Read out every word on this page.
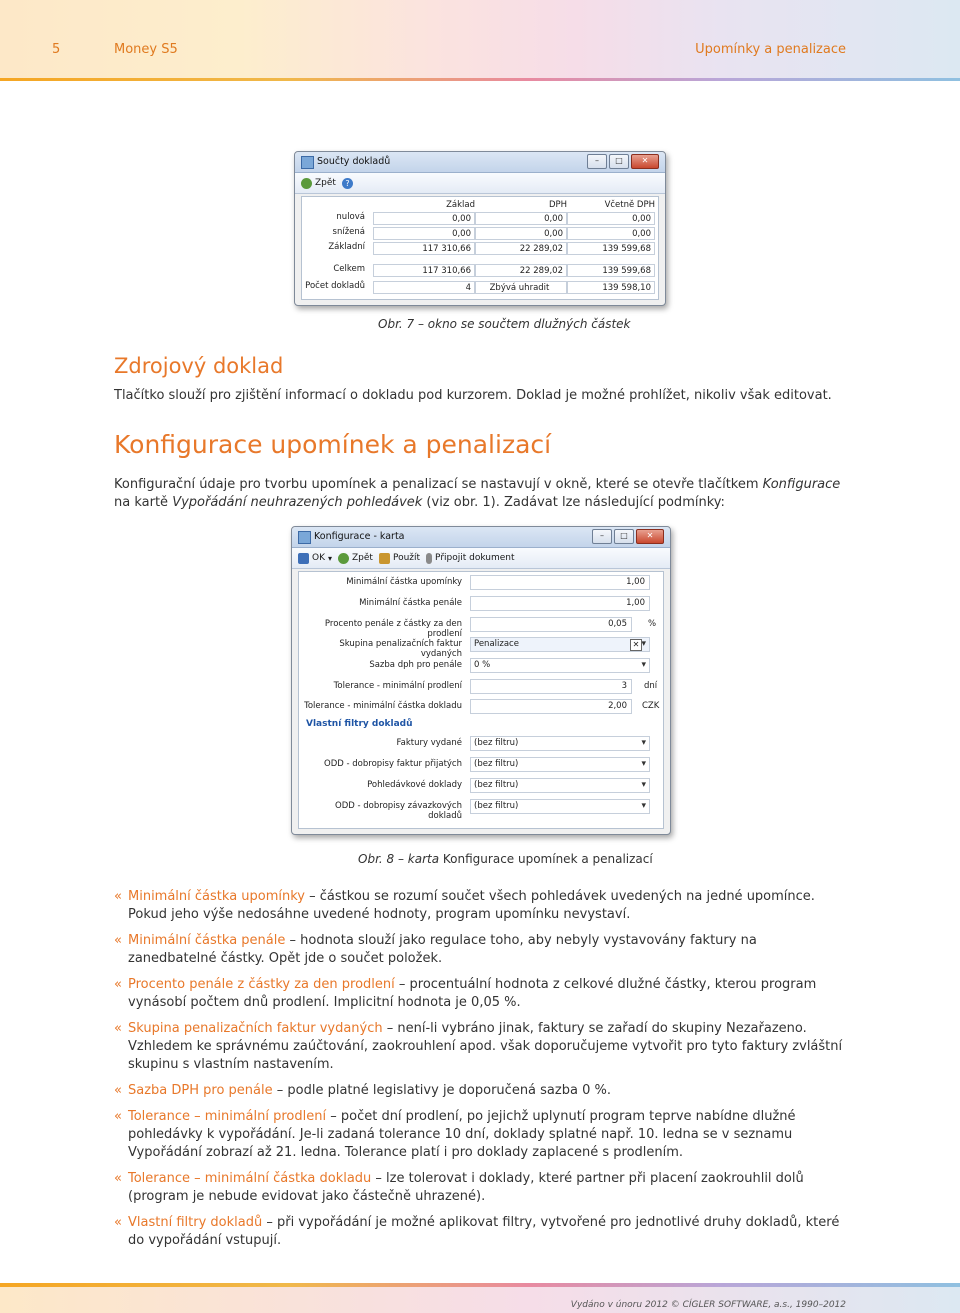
5	Money S5	Upomínky a penalizace
Součty dokladů	–	□	✕
Zpět	?
Základ	DPH	Včetně DPH
nulová	0,00	0,00	0,00
snížená	0,00	0,00	0,00
Základní	117 310,66	22 289,02	139 599,68
Celkem	117 310,66	22 289,02	139 599,68
Počet dokladů	4	Zbývá uhradit	139 598,10
Obr. 7 – okno se součtem dlužných částek
Zdrojový doklad
Tlačítko slouží pro zjištění informací o dokladu pod kurzorem. Doklad je možné prohlížet, nikoliv však editovat.
Konfigurace upomínek a penalizací
Konfigurační údaje pro tvorbu upomínek a penalizací se nastavují v okně, které se otevře tlačítkem Konfigurace na kartě Vypořádání neuhrazených pohledávek (viz obr. 1). Zadávat lze následující podmínky:
Konfigurace - karta	–	□	✕
OK ▾ Zpět Použít Připojit dokument
Minimální částka upomínky	1,00
Minimální částka penále	1,00
Procento penále z částky za den prodlení
0,05	%
Skupina penalizačních faktur vydaných
Penalizace ▾	✕
Sazba dph pro penále	0 % ▾
Tolerance - minimální prodlení	3	dní
Tolerance - minimální částka dokladu	2,00	CZK
Vlastní filtry dokladů
Faktury vydané	(bez filtru) ▾
ODD - dobropisy faktur přijatých	(bez filtru) ▾
Pohledávkové doklady	(bez filtru) ▾
ODD - dobropisy závazkových dokladů
(bez filtru) ▾
Obr. 8 – karta Konfigurace upomínek a penalizací
« Minimální částka upomínky – částkou se rozumí součet všech pohledávek uvedených na jedné upomínce. Pokud jeho výše nedosáhne uvedené hodnoty, program upomínku nevystaví.
« Minimální částka penále – hodnota slouží jako regulace toho, aby nebyly vystavovány faktury na zanedbatelné částky. Opět jde o součet položek.
« Procento penále z částky za den prodlení – procentuální hodnota z celkové dlužné částky, kterou program vynásobí počtem dnů prodlení. Implicitní hodnota je 0,05 %.
« Skupina penalizačních faktur vydaných – není-li vybráno jinak, faktury se zařadí do skupiny Nezařazeno. Vzhledem ke správnému zaúčtování, zaokrouhlení apod. však doporučujeme vytvořit pro tyto faktury zvláštní skupinu s vlastním nastavením.
« Sazba DPH pro penále – podle platné legislativy je doporučená sazba 0 %.
« Tolerance – minimální prodlení – počet dní prodlení, po jejichž uplynutí program teprve nabídne dlužné pohledávky k vypořádání. Je-li zadaná tolerance 10 dní, doklady splatné např. 10. ledna se v seznamu Vypořádání zobrazí až 21. ledna. Tolerance platí i pro doklady zaplacené s prodlením.
« Tolerance – minimální částka dokladu – lze tolerovat i doklady, které partner při placení zaokrouhlil dolů (program je nebude evidovat jako částečně uhrazené).
« Vlastní filtry dokladů – při vypořádání je možné aplikovat filtry, vytvořené pro jednotlivé druhy dokladů, které do vypořádání vstupují.
Vydáno v únoru 2012 © CÍGLER SOFTWARE, a.s., 1990–2012
